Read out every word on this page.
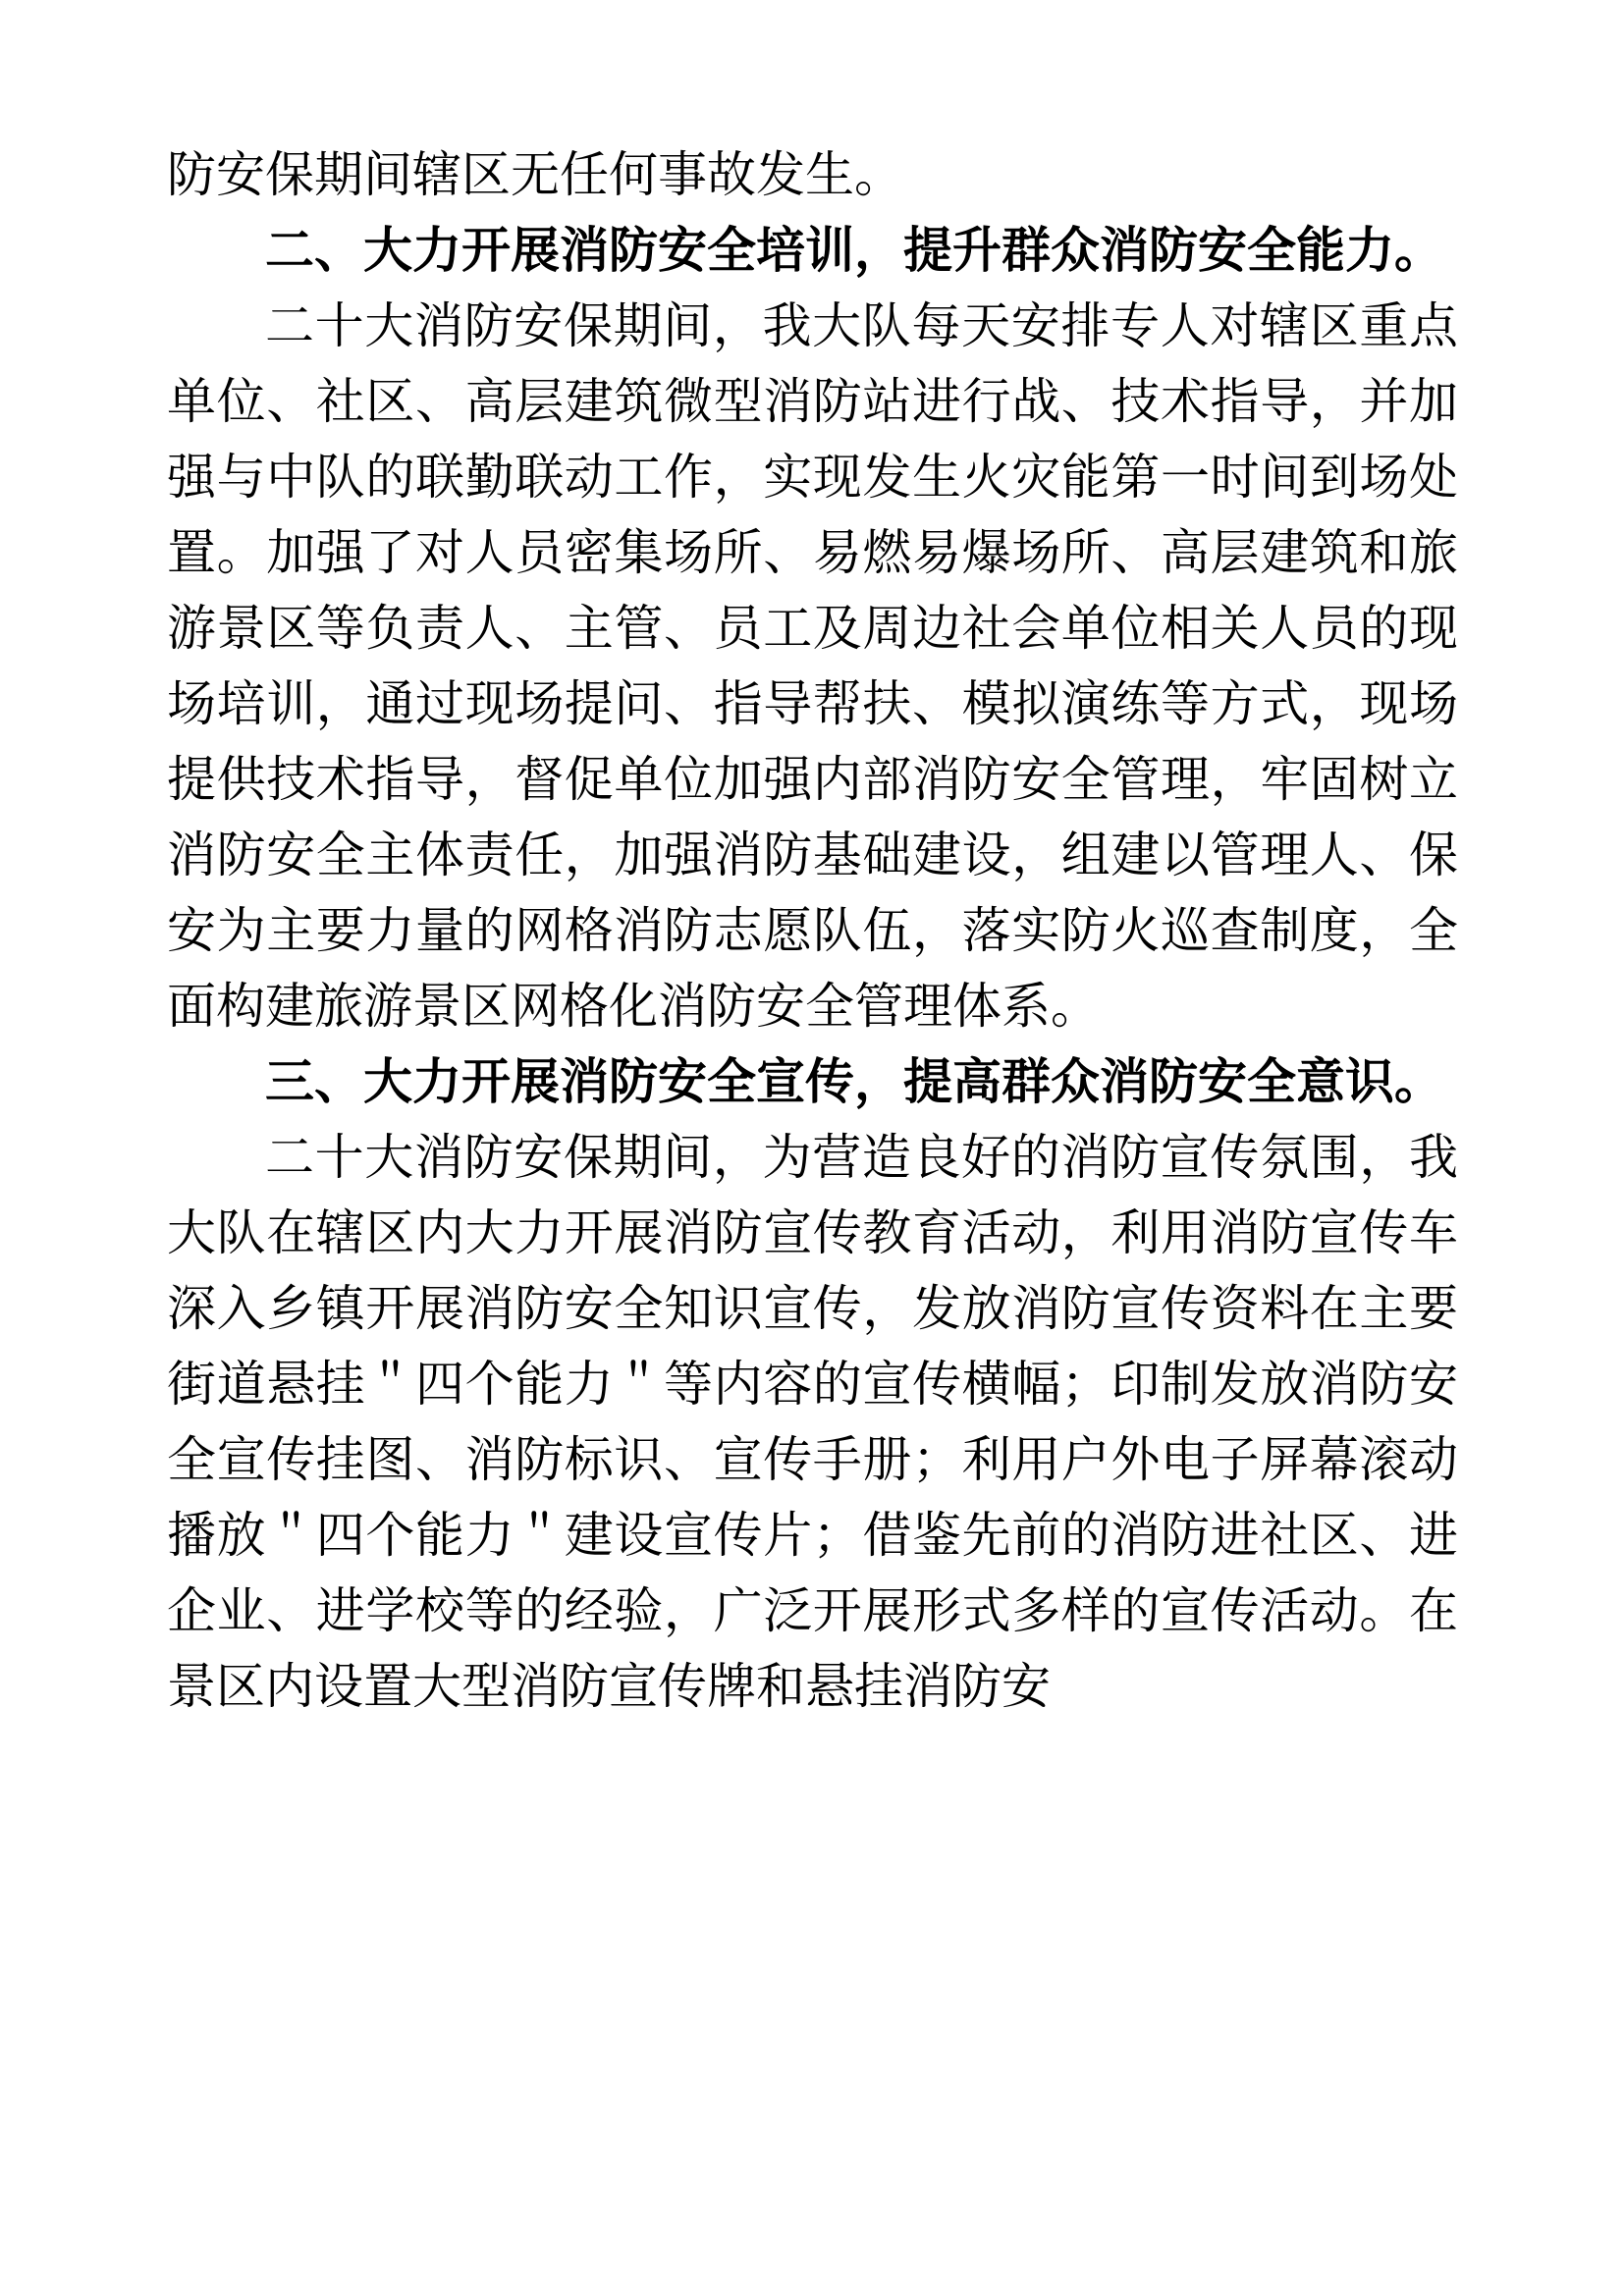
防安保期间辖区无任何事故发生。

二、大力开展消防安全培训，提升群众消防安全能力。

二十大消防安保期间，我大队每天安排专人对辖区重点单位、社区、高层建筑微型消防站进行战、技术指导，并加强与中队的联勤联动工作，实现发生火灾能第一时间到场处置。加强了对人员密集场所、易燃易爆场所、高层建筑和旅游景区等负责人、主管、员工及周边社会单位相关人员的现场培训，通过现场提问、指导帮扶、模拟演练等方式，现场提供技术指导，督促单位加强内部消防安全管理，牢固树立消防安全主体责任，加强消防基础建设，组建以管理人、保安为主要力量的网格消防志愿队伍，落实防火巡查制度，全面构建旅游景区网格化消防安全管理体系。

三、大力开展消防安全宣传，提高群众消防安全意识。

二十大消防安保期间，为营造良好的消防宣传氛围，我大队在辖区内大力开展消防宣传教育活动，利用消防宣传车深入乡镇开展消防安全知识宣传，发放消防宣传资料在主要街道悬挂＂四个能力＂等内容的宣传横幅；印制发放消防安全宣传挂图、消防标识、宣传手册；利用户外电子屏幕滚动播放＂四个能力＂建设宣传片；借鉴先前的消防进社区、进企业、进学校等的经验，广泛开展形式多样的宣传活动。在景区内设置大型消防宣传牌和悬挂消防安
